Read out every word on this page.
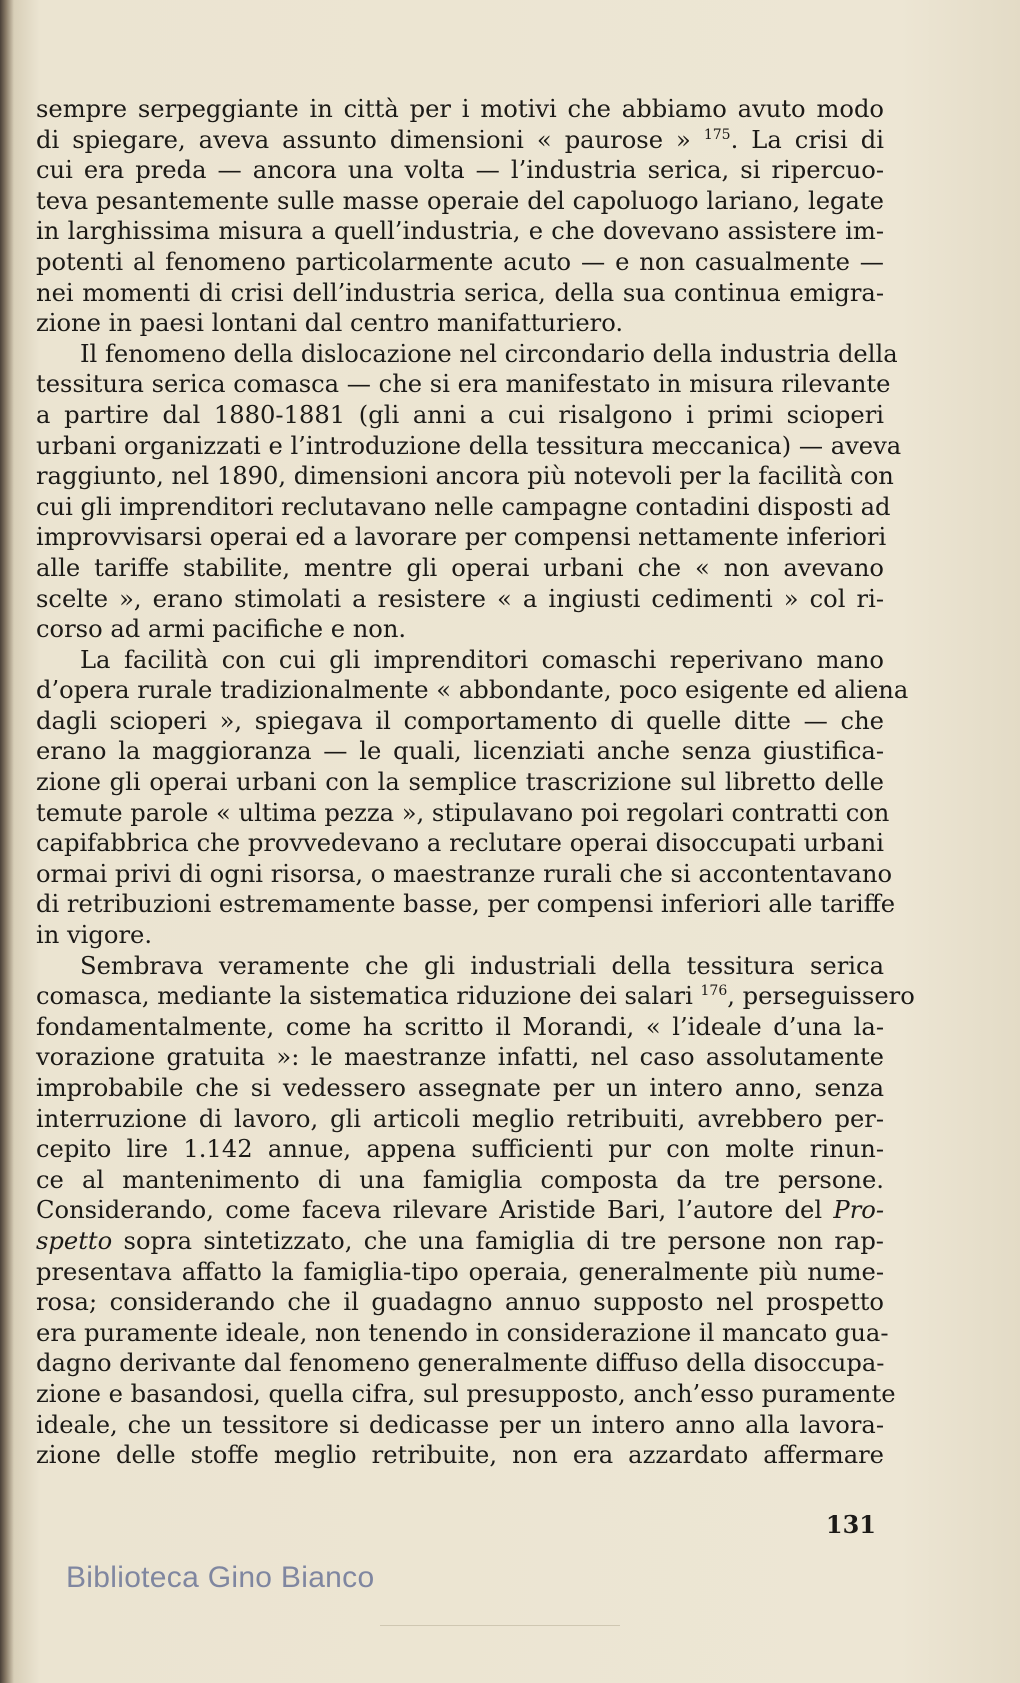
sempre serpeggiante in città per i motivi che abbiamo avuto modo
di spiegare, aveva assunto dimensioni « paurose » $^{175}$. La crisi di
cui era preda — ancora una volta — l’industria serica, si ripercuo-
teva pesantemente sulle masse operaie del capoluogo lariano, legate
in larghissima misura a quell’industria, e che dovevano assistere im-
potenti al fenomeno particolarmente acuto — e non casualmente —
nei momenti di crisi dell’industria serica, della sua continua emigra-
zione in paesi lontani dal centro manifatturiero.
Il fenomeno della dislocazione nel circondario della industria della
tessitura serica comasca — che si era manifestato in misura rilevante
a partire dal 1880-1881 (gli anni a cui risalgono i primi scioperi
urbani organizzati e l’introduzione della tessitura meccanica) — aveva
raggiunto, nel 1890, dimensioni ancora più notevoli per la facilità con
cui gli imprenditori reclutavano nelle campagne contadini disposti ad
improvvisarsi operai ed a lavorare per compensi nettamente inferiori
alle tariffe stabilite, mentre gli operai urbani che « non avevano
scelte », erano stimolati a resistere « a ingiusti cedimenti » col ri-
corso ad armi pacifiche e non.
La facilità con cui gli imprenditori comaschi reperivano mano
d’opera rurale tradizionalmente « abbondante, poco esigente ed aliena
dagli scioperi », spiegava il comportamento di quelle ditte — che
erano la maggioranza — le quali, licenziati anche senza giustifica-
zione gli operai urbani con la semplice trascrizione sul libretto delle
temute parole « ultima pezza », stipulavano poi regolari contratti con
capifabbrica che provvedevano a reclutare operai disoccupati urbani
ormai privi di ogni risorsa, o maestranze rurali che si accontentavano
di retribuzioni estremamente basse, per compensi inferiori alle tariffe
in vigore.
Sembrava veramente che gli industriali della tessitura serica
comasca, mediante la sistematica riduzione dei salari $^{176}$, perseguissero
fondamentalmente, come ha scritto il Morandi, « l’ideale d’una la-
vorazione gratuita »: le maestranze infatti, nel caso assolutamente
improbabile che si vedessero assegnate per un intero anno, senza
interruzione di lavoro, gli articoli meglio retribuiti, avrebbero per-
cepito lire 1.142 annue, appena sufficienti pur con molte rinun-
ce al mantenimento di una famiglia composta da tre persone.
Considerando, come faceva rilevare Aristide Bari, l’autore del Pro-
spetto sopra sintetizzato, che una famiglia di tre persone non rap-
presentava affatto la famiglia-tipo operaia, generalmente più nume-
rosa; considerando che il guadagno annuo supposto nel prospetto
era puramente ideale, non tenendo in considerazione il mancato gua-
dagno derivante dal fenomeno generalmente diffuso della disoccupa-
zione e basandosi, quella cifra, sul presupposto, anch’esso puramente
ideale, che un tessitore si dedicasse per un intero anno alla lavora-
zione delle stoffe meglio retribuite, non era azzardato affermare
131
Biblioteca Gino Bianco
